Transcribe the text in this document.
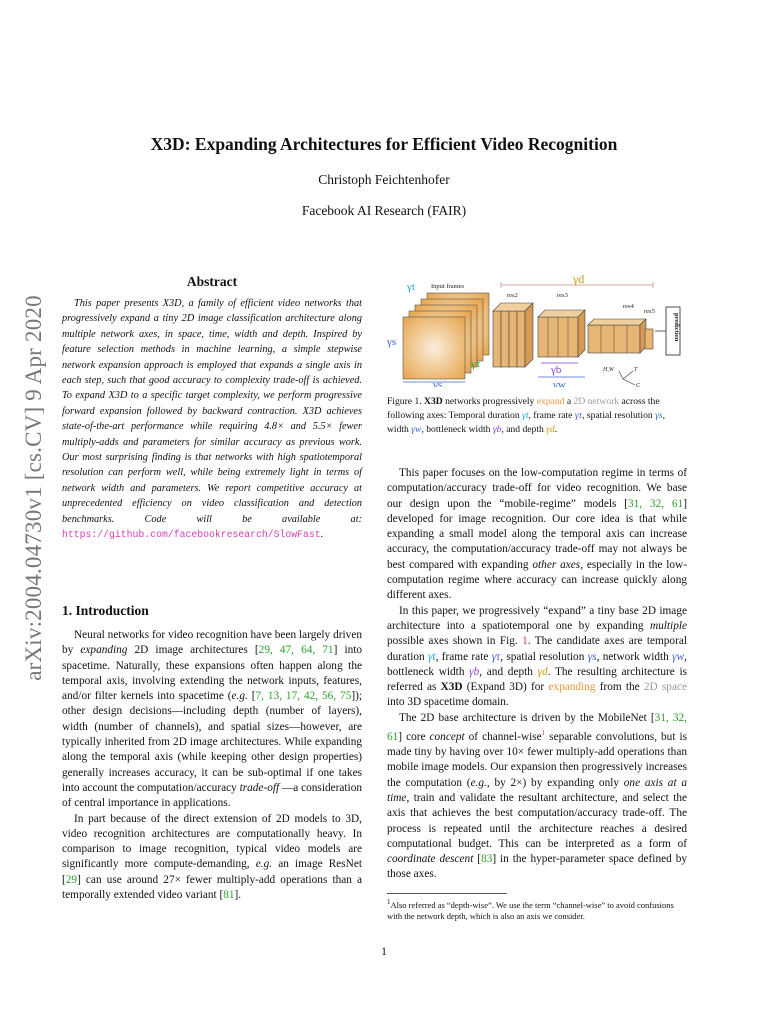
arXiv:2004.04730v1 [cs.CV] 9 Apr 2020
X3D: Expanding Architectures for Efficient Video Recognition
Christoph Feichtenhofer
Facebook AI Research (FAIR)
Abstract
This paper presents X3D, a family of efficient video networks that progressively expand a tiny 2D image classification architecture along multiple network axes, in space, time, width and depth. Inspired by feature selection methods in machine learning, a simple stepwise network expansion approach is employed that expands a single axis in each step, such that good accuracy to complexity trade-off is achieved. To expand X3D to a specific target complexity, we perform progressive forward expansion followed by backward contraction. X3D achieves state-of-the-art performance while requiring 4.8× and 5.5× fewer multiply-adds and parameters for similar accuracy as previous work. Our most surprising finding is that networks with high spatiotemporal resolution can perform well, while being extremely light in terms of network width and parameters. We report competitive accuracy at unprecedented efficiency on video classification and detection benchmarks. Code will be available at: https://github.com/facebookresearch/SlowFast.
1. Introduction

Neural networks for video recognition have been largely driven by expanding 2D image architectures [29, 47, 64, 71] into spacetime. Naturally, these expansions often happen along the temporal axis, involving extending the network inputs, features, and/or filter kernels into spacetime (e.g. [7, 13, 17, 42, 56, 75]); other design decisions—including depth (number of layers), width (number of channels), and spatial sizes—however, are typically inherited from 2D image architectures. While expanding along the temporal axis (while keeping other design properties) generally increases accuracy, it can be sub-optimal if one takes into account the computation/accuracy trade-off —a consideration of central importance in applications.

In part because of the direct extension of 2D models to 3D, video recognition architectures are computationally heavy. In comparison to image recognition, typical video models are significantly more compute-demanding, e.g. an image ResNet [29] can use around 27× fewer multiply-add operations than a temporally extended video variant [81].

γd
Input frames
γt
γs
γs
γτ
res2	res3
γb
γw
res4
res5
prediction
H,W	T
C
Figure 1. X3D networks progressively expand a 2D network across the following axes: Temporal duration γt, frame rate γτ, spatial resolution γs, width γw, bottleneck width γb, and depth γd.

This paper focuses on the low-computation regime in terms of computation/accuracy trade-off for video recognition. We base our design upon the “mobile-regime” models [31, 32, 61] developed for image recognition. Our core idea is that while expanding a small model along the temporal axis can increase accuracy, the computation/accuracy trade-off may not always be best compared with expanding other axes, especially in the low-computation regime where accuracy can increase quickly along different axes.

In this paper, we progressively “expand” a tiny base 2D image architecture into a spatiotemporal one by expanding multiple possible axes shown in Fig. 1. The candidate axes are temporal duration γt, frame rate γτ, spatial resolution γs, network width γw, bottleneck width γb, and depth γd. The resulting architecture is referred as X3D (Expand 3D) for expanding from the 2D space into 3D spacetime domain.

The 2D base architecture is driven by the MobileNet [31, 32, 61] core concept of channel-wise$^1$ separable convolutions, but is made tiny by having over 10× fewer multiply-add operations than mobile image models. Our expansion then progressively increases the computation (e.g., by 2×) by expanding only one axis at a time, train and validate the resultant architecture, and select the axis that achieves the best computation/accuracy trade-off. The process is repeated until the architecture reaches a desired computational budget. This can be interpreted as a form of coordinate descent [83] in the hyper-parameter space defined by those axes.

$^1$Also referred as “depth-wise”. We use the term “channel-wise” to avoid confusions with the network depth, which is also an axis we consider.
1
